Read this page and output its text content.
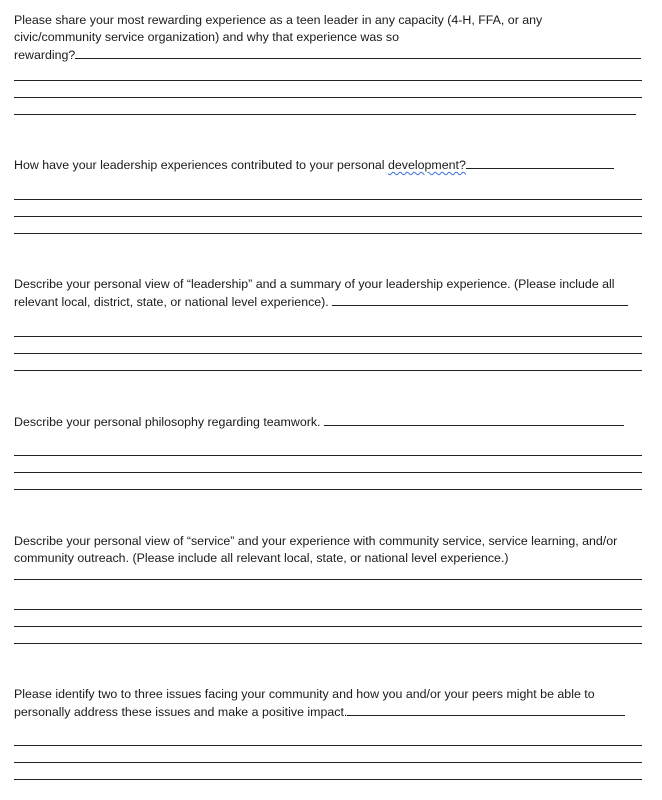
Please share your most rewarding experience as a teen leader in any capacity (4-H, FFA, or any
civic/community service organization) and why that experience was so
rewarding?

How have your leadership experiences contributed to your personal development?

Describe your personal view of “leadership” and a summary of your leadership experience. (Please include all
relevant local, district, state, or national level experience).

Describe your personal philosophy regarding teamwork.

Describe your personal view of “service” and your experience with community service, service learning, and/or
community outreach. (Please include all relevant local, state, or national level experience.)

Please identify two to three issues facing your community and how you and/or your peers might be able to
personally address these issues and make a positive impact.
